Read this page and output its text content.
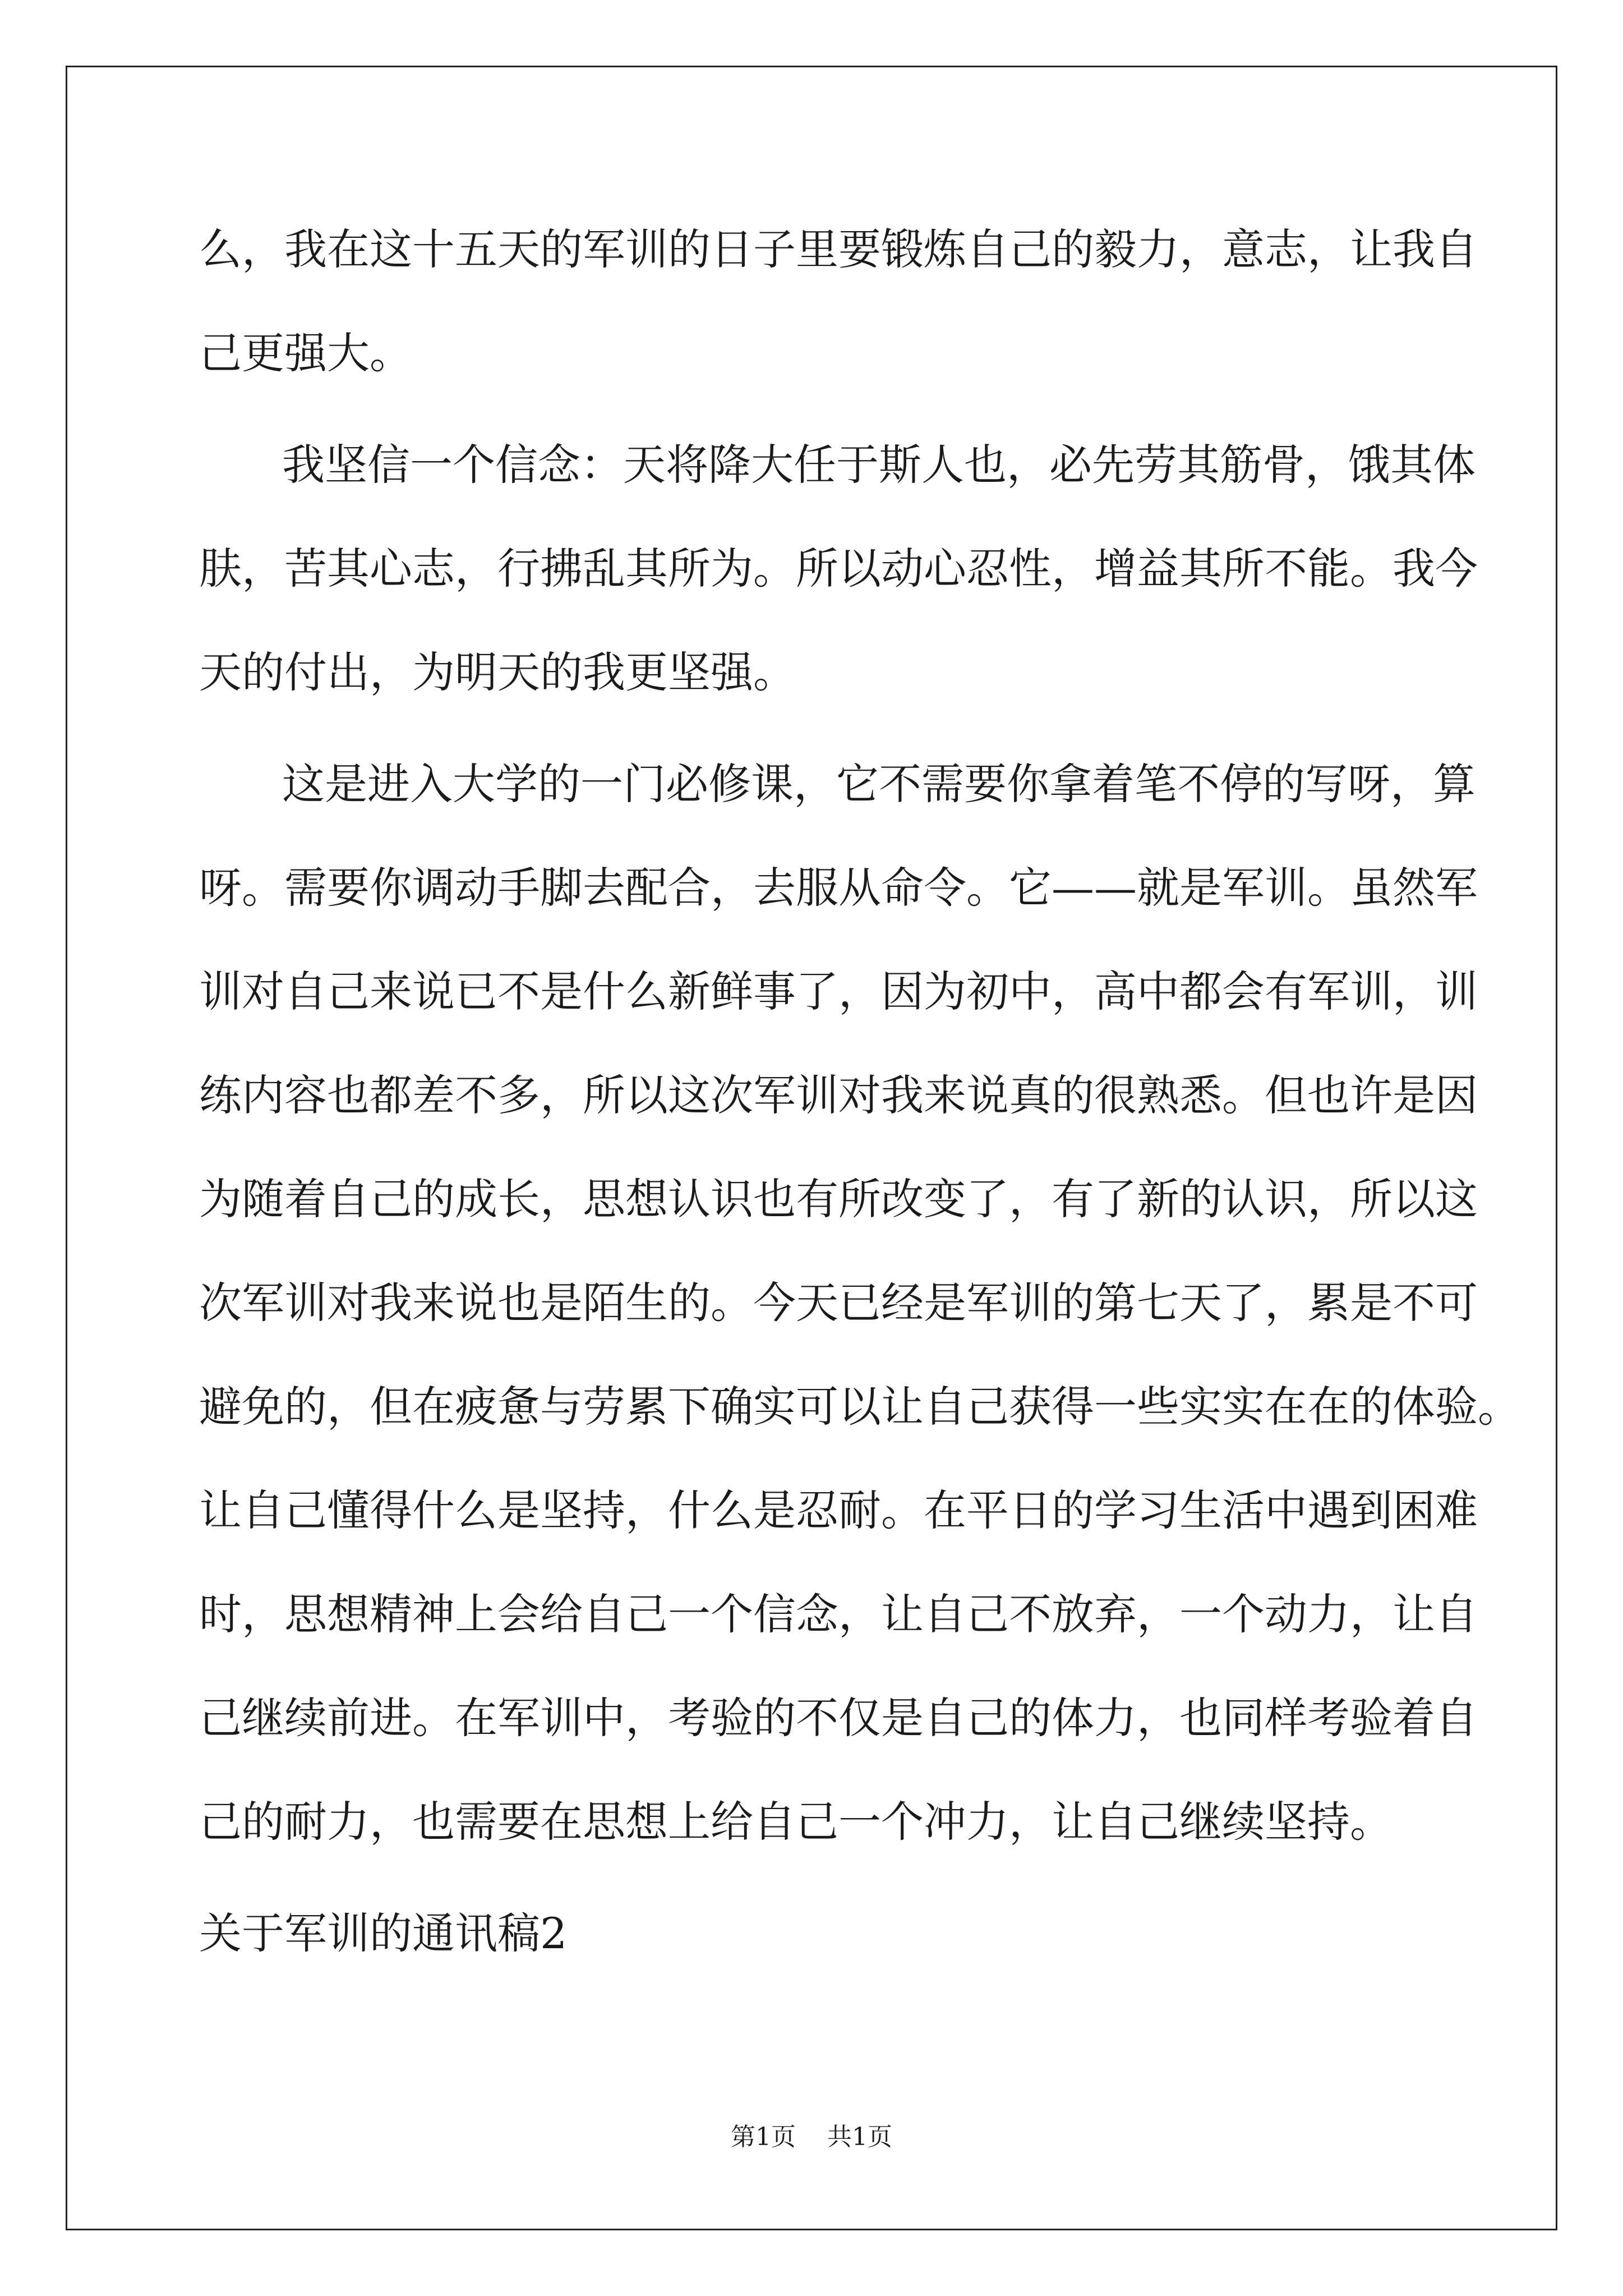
么，我在这十五天的军训的日子里要锻炼自己的毅力，意志，让我自

己更强大。

我坚信一个信念：天将降大任于斯人也，必先劳其筋骨，饿其体

肤，苦其心志，行拂乱其所为。所以动心忍性，增益其所不能。我今

天的付出，为明天的我更坚强。

这是进入大学的一门必修课，它不需要你拿着笔不停的写呀，算

呀。需要你调动手脚去配合，去服从命令。它——就是军训。虽然军

训对自己来说已不是什么新鲜事了，因为初中，高中都会有军训，训

练内容也都差不多，所以这次军训对我来说真的很熟悉。但也许是因

为随着自己的成长，思想认识也有所改变了，有了新的认识，所以这

次军训对我来说也是陌生的。今天已经是军训的第七天了，累是不可

避免的，但在疲惫与劳累下确实可以让自己获得一些实实在在的体验。

让自己懂得什么是坚持，什么是忍耐。在平日的学习生活中遇到困难

时，思想精神上会给自己一个信念，让自己不放弃，一个动力，让自

己继续前进。在军训中，考验的不仅是自己的体力，也同样考验着自

己的耐力，也需要在思想上给自己一个冲力，让自己继续坚持。

关于军训的通讯稿2

第1页 共1页
